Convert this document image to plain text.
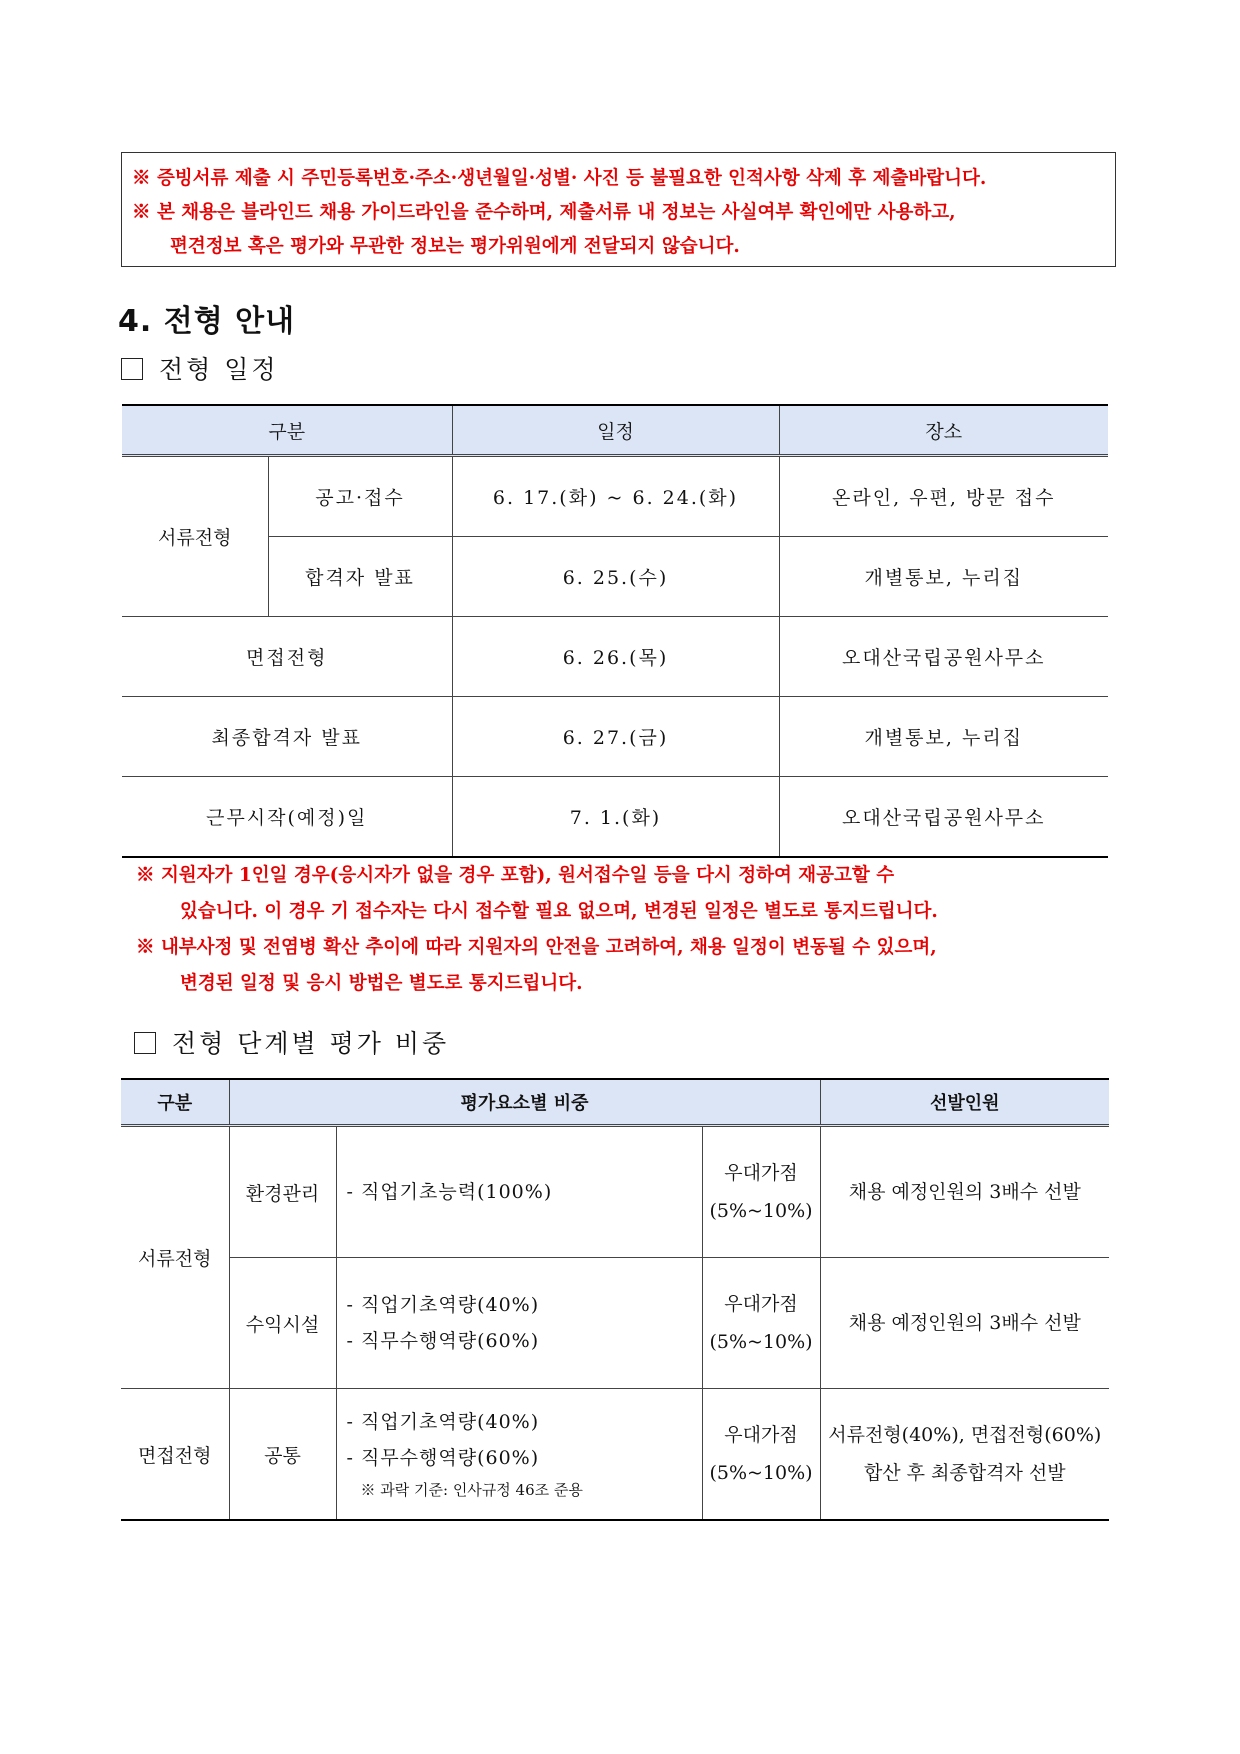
※ 증빙서류 제출 시 주민등록번호·주소·생년월일·성별· 사진 등 불필요한 인적사항 삭제 후 제출바랍니다.

※ 본 채용은 블라인드 채용 가이드라인을 준수하며, 제출서류 내 정보는 사실여부 확인에만 사용하고,

편견정보 혹은 평가와 무관한 정보는 평가위원에게 전달되지 않습니다.

4. 전형 안내
전형 일정
구분		일정	장소
서류전형	공고·접수	6. 17.(화) ~ 6. 24.(화)	온라인, 우편, 방문 접수
	합격자 발표	6. 25.(수)	개별통보, 누리집
면접전형		6. 26.(목)	오대산국립공원사무소
최종합격자 발표		6. 27.(금)	개별통보, 누리집
근무시작(예정)일		7. 1.(화)	오대산국립공원사무소

※ 지원자가 1인일 경우(응시자가 없을 경우 포함), 원서접수일 등을 다시 정하여 재공고할 수

있습니다. 이 경우 기 접수자는 다시 접수할 필요 없으며, 변경된 일정은 별도로 통지드립니다.

※ 내부사정 및 전염병 확산 추이에 따라 지원자의 안전을 고려하여, 채용 일정이 변동될 수 있으며,

변경된 일정 및 응시 방법은 별도로 통지드립니다.

전형 단계별 평가 비중
구분	평가요소별 비중			선발인원
서류전형	환경관리	- 직업기초능력(100%)	우대가점
(5%~10%)	채용 예정인원의 3배수 선발

	수익시설	- 직업기초역량(40%)
- 직무수행역량(60%)	우대가점
(5%~10%)	채용 예정인원의 3배수 선발

면접전형	공통	- 직업기초역량(40%)
- 직무수행역량(60%)
※ 과락 기준: 인사규정 46조 준용	우대가점
(5%~10%)	서류전형(40%), 면접전형(60%)
합산 후 최종합격자 선발
